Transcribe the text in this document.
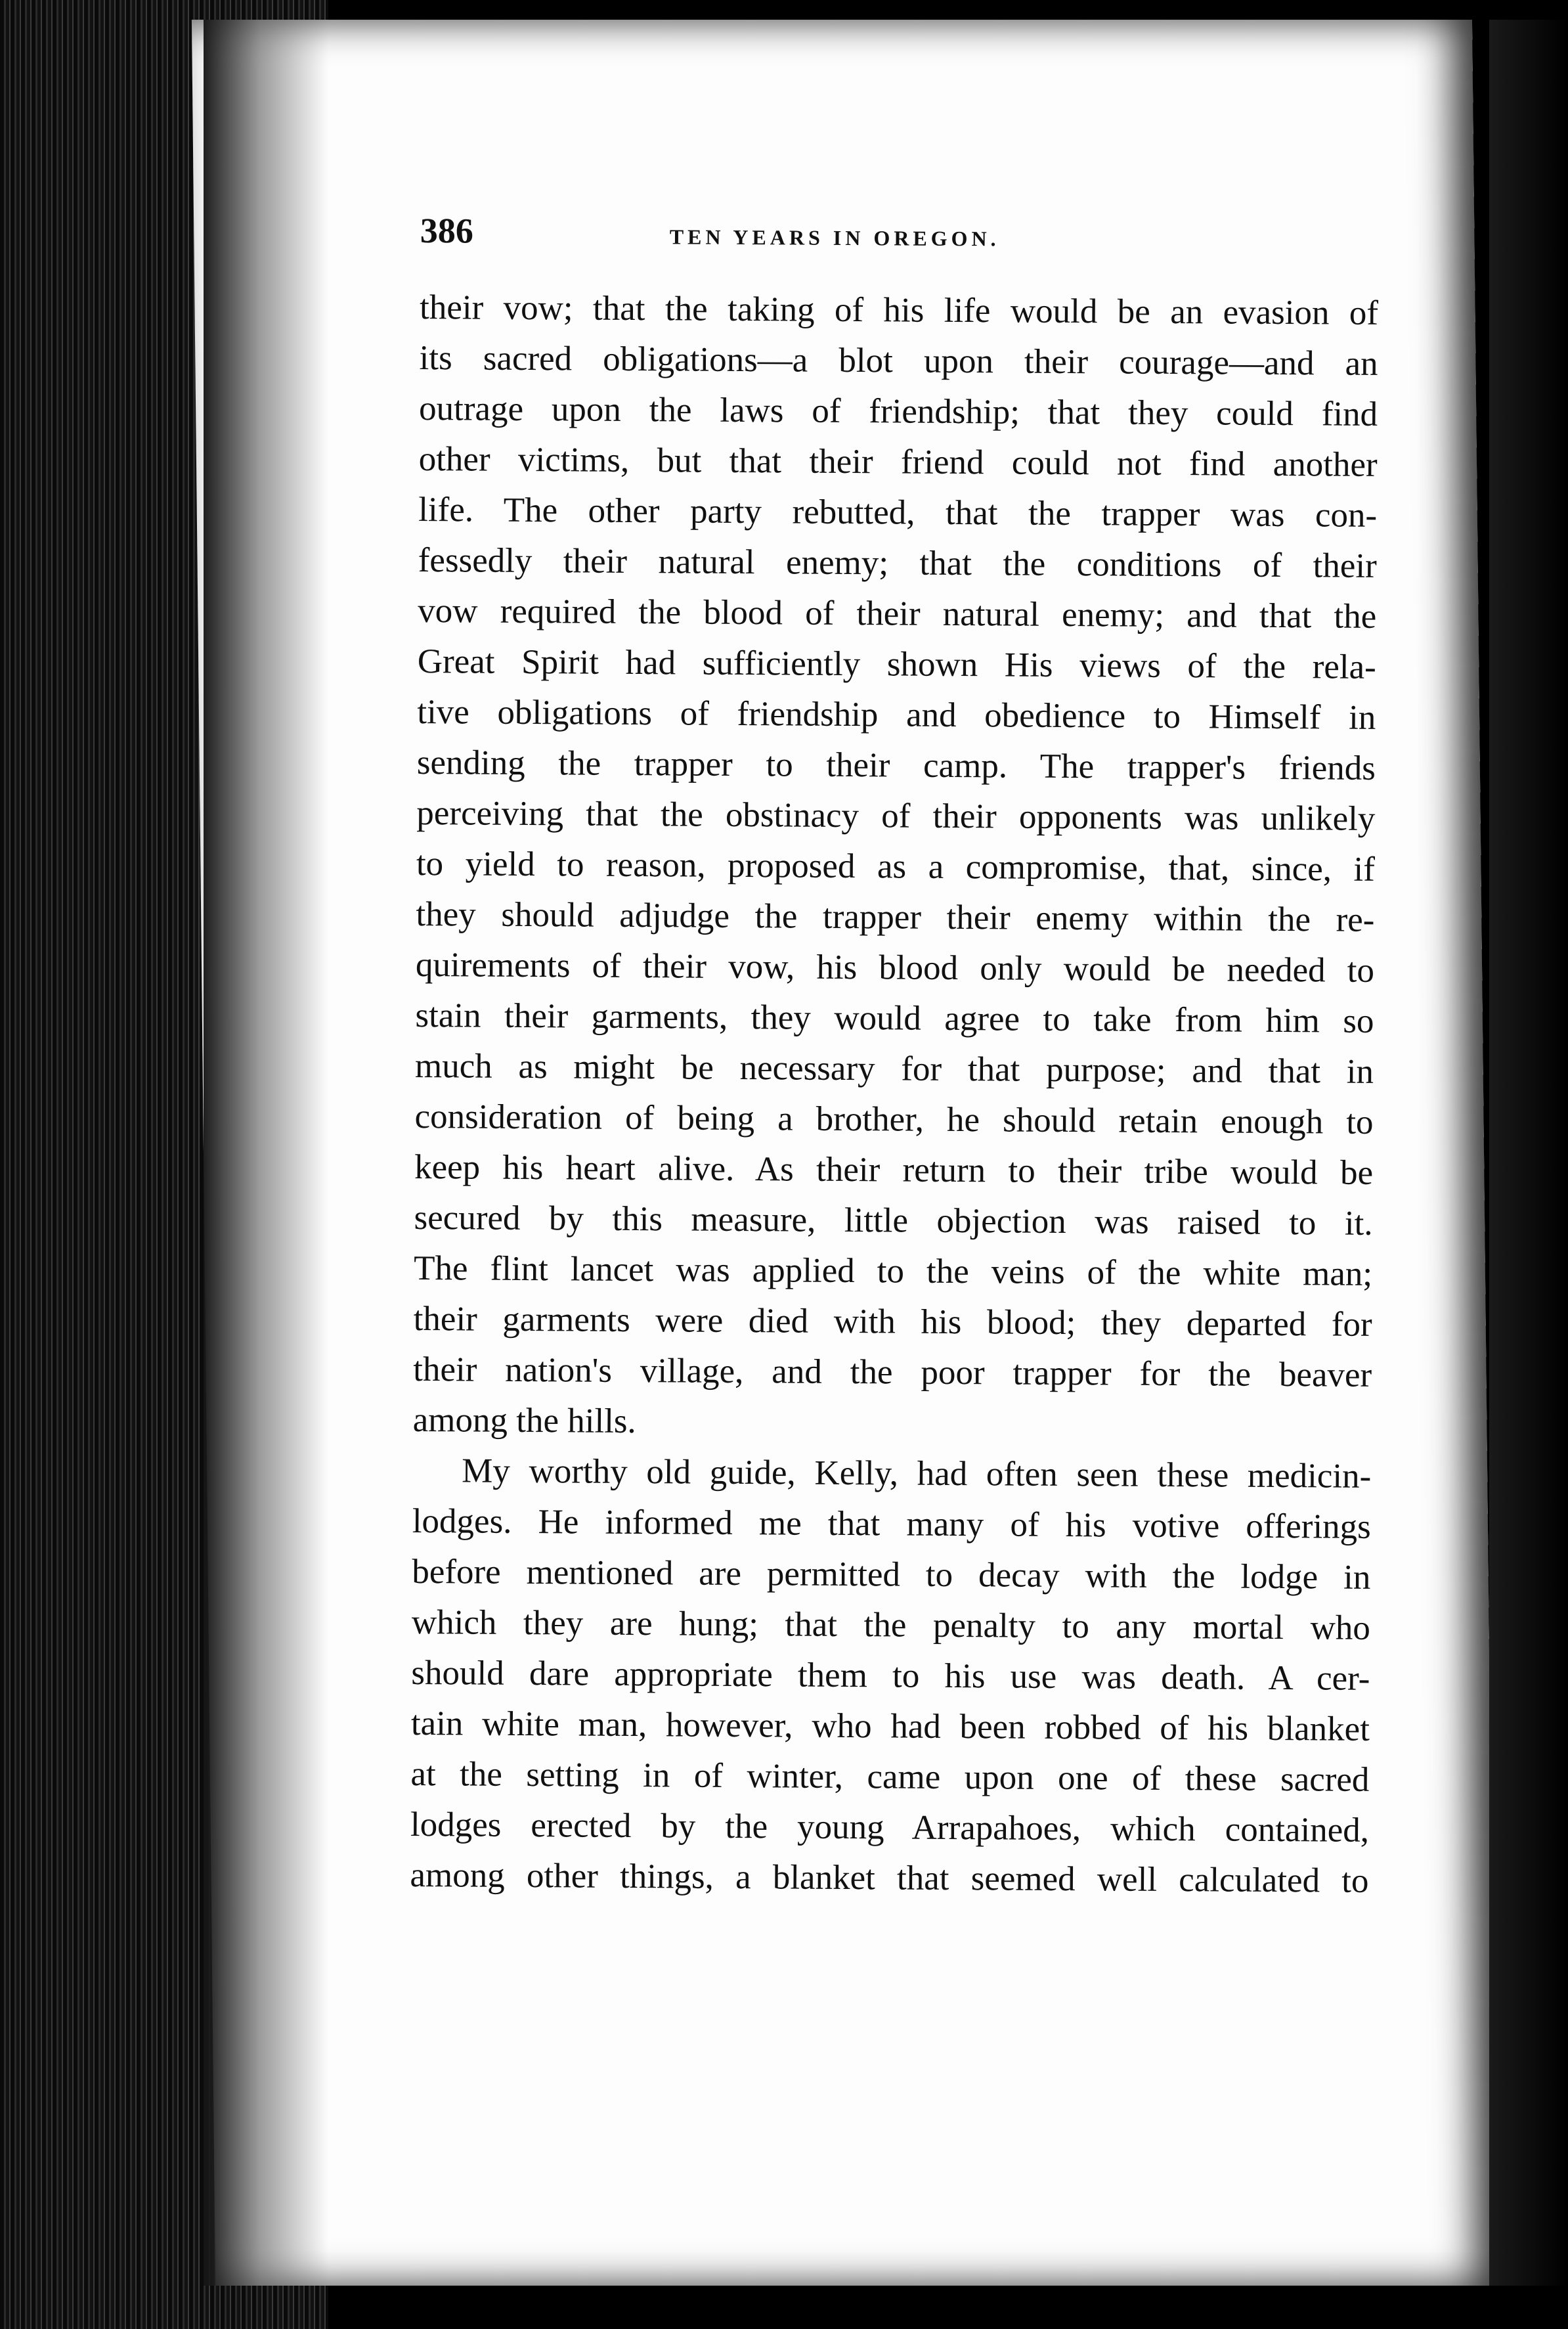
386	TEN YEARS IN OREGON.
their vow; that the taking of his life would be an evasion of
its sacred obligations—a blot upon their courage—and an
outrage upon the laws of friendship; that they could find
other victims, but that their friend could not find another
life. The other party rebutted, that the trapper was con-
fessedly their natural enemy; that the conditions of their
vow required the blood of their natural enemy; and that the
Great Spirit had sufficiently shown His views of the rela-
tive obligations of friendship and obedience to Himself in
sending the trapper to their camp. The trapper's friends
perceiving that the obstinacy of their opponents was unlikely
to yield to reason, proposed as a compromise, that, since, if
they should adjudge the trapper their enemy within the re-
quirements of their vow, his blood only would be needed to
stain their garments, they would agree to take from him so
much as might be necessary for that purpose; and that in
consideration of being a brother, he should retain enough to
keep his heart alive. As their return to their tribe would be
secured by this measure, little objection was raised to it.
The flint lancet was applied to the veins of the white man;
their garments were died with his blood; they departed for
their nation's village, and the poor trapper for the beaver
among the hills.
My worthy old guide, Kelly, had often seen these medicin-
lodges. He informed me that many of his votive offerings
before mentioned are permitted to decay with the lodge in
which they are hung; that the penalty to any mortal who
should dare appropriate them to his use was death. A cer-
tain white man, however, who had been robbed of his blanket
at the setting in of winter, came upon one of these sacred
lodges erected by the young Arrapahoes, which contained,
among other things, a blanket that seemed well calculated to
